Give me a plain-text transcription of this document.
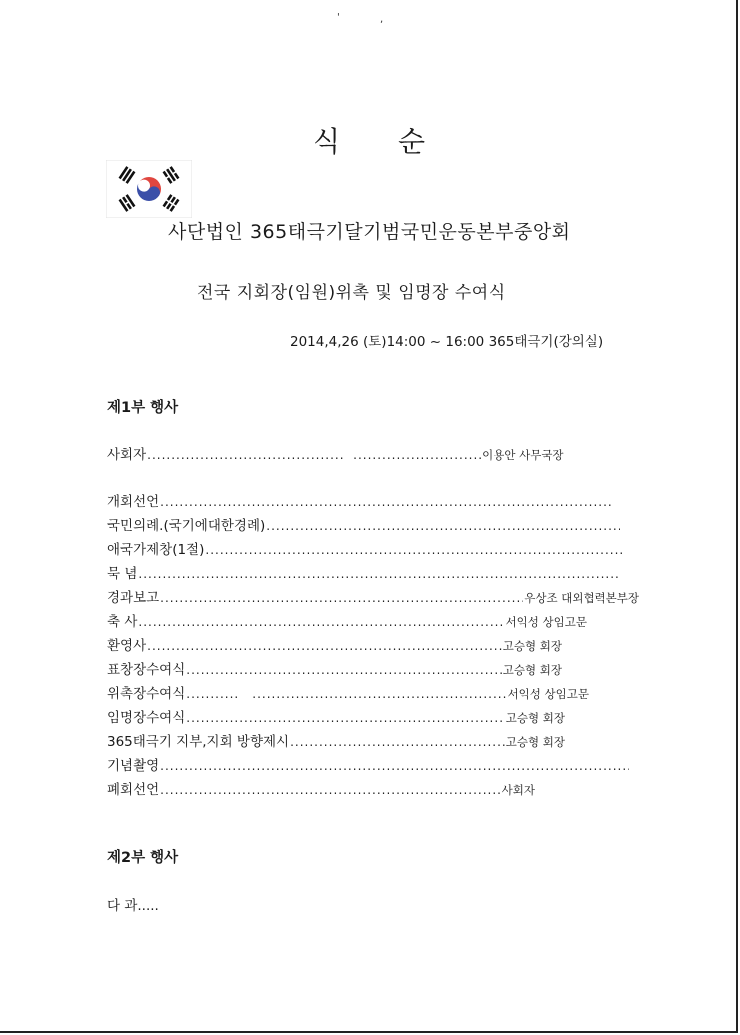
'	,
식 순
사단법인 365태극기달기범국민운동본부중앙회
전국 지회장(임원)위촉 및 임명장 수여식
2014,4,26 (토)14:00 ~ 16:00 365태극기(강의실)
제1부 행사
사회자 ..... .....	이용안 사무국장
개회선언
.....
국민의례.(국기에대한경례)
.....
애국가제창(1절)
.....
묵 념
.....
경과보고 .....	우상조 대외협력본부장
축 사 .....	서익성 상임고문
환영사 .....	고승형 회장
표창장수여식 .....	고승형 회장
위촉장수여식 ..... .....	서익성 상임고문
임명장수여식 .....	고승형 회장
365태극기 지부,지회 방향제시 .....	고승형 회장
기념촬영
.....
폐회선언 .....	사회자
제2부 행사
다 과.....
